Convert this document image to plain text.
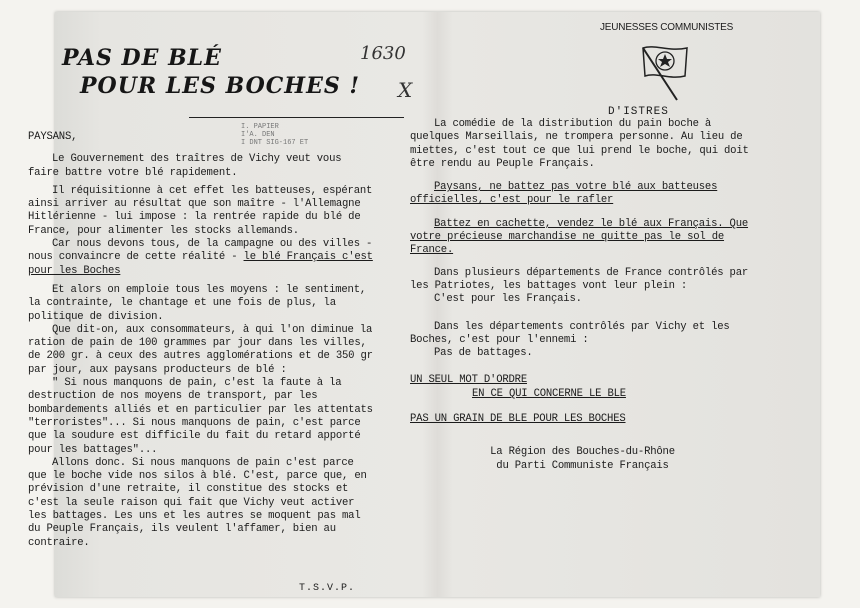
PAS DE BLÉ
POUR LES BOCHES !
1630
X
I. PAPIER
I'A. DEN
I DNT SIG-167 ET
JEUNESSES COMMUNISTES
D'ISTRES
PAYSANS,
Le Gouvernement des traîtres de Vichy veut vous faire battre votre blé rapidement.
Il réquisitionne à cet effet les batteuses, espérant ainsi arriver au résultat que son maître - l'Allemagne Hitlérienne - lui impose : la rentrée rapide du blé de France, pour alimenter les stocks allemands.
Car nous devons tous, de la campagne ou des villes - nous convaincre de cette réalité - le blé Français c'est pour les Boches
Et alors on emploie tous les moyens : le sentiment, la contrainte, le chantage et une fois de plus, la politique de division.
Que dit-on, aux consommateurs, à qui l'on diminue la ration de pain de 100 grammes par jour dans les villes, de 200 gr. à ceux des autres agglomérations et de 350 gr par jour, aux paysans producteurs de blé :
" Si nous manquons de pain, c'est la faute à la destruction de nos moyens de transport, par les bombardements alliés et en particulier par les attentats "terroristes"... Si nous manquons de pain, c'est parce que la soudure est difficile du fait du retard apporté pour les battages"...
Allons donc. Si nous manquons de pain c'est parce que le boche vide nos silos à blé. C'est, parce que, en prévision d'une retraite, il constitue des stocks et c'est la seule raison qui fait que Vichy veut activer les battages. Les uns et les autres se moquent pas mal du Peuple Français, ils veulent l'affamer, bien au contraire.
T.S.V.P.
La comédie de la distribution du pain boche à quelques Marseillais, ne trompera personne. Au lieu de miettes, c'est tout ce que lui prend le boche, qui doit être rendu au Peuple Français.
Paysans, ne battez pas votre blé aux batteuses officielles, c'est pour le rafler
Battez en cachette, vendez le blé aux Français. Que votre précieuse marchandise ne quitte pas le sol de France.
Dans plusieurs départements de France contrôlés par les Patriotes, les battages vont leur plein :
C'est pour les Français.
Dans les départements contrôlés par Vichy et les Boches, c'est pour l'ennemi :
Pas de battages.
UN SEUL MOT D'ORDRE
EN CE QUI CONCERNE LE BLE
PAS UN GRAIN DE BLE POUR LES BOCHES
La Région des Bouches-du-Rhône
du Parti Communiste Français
